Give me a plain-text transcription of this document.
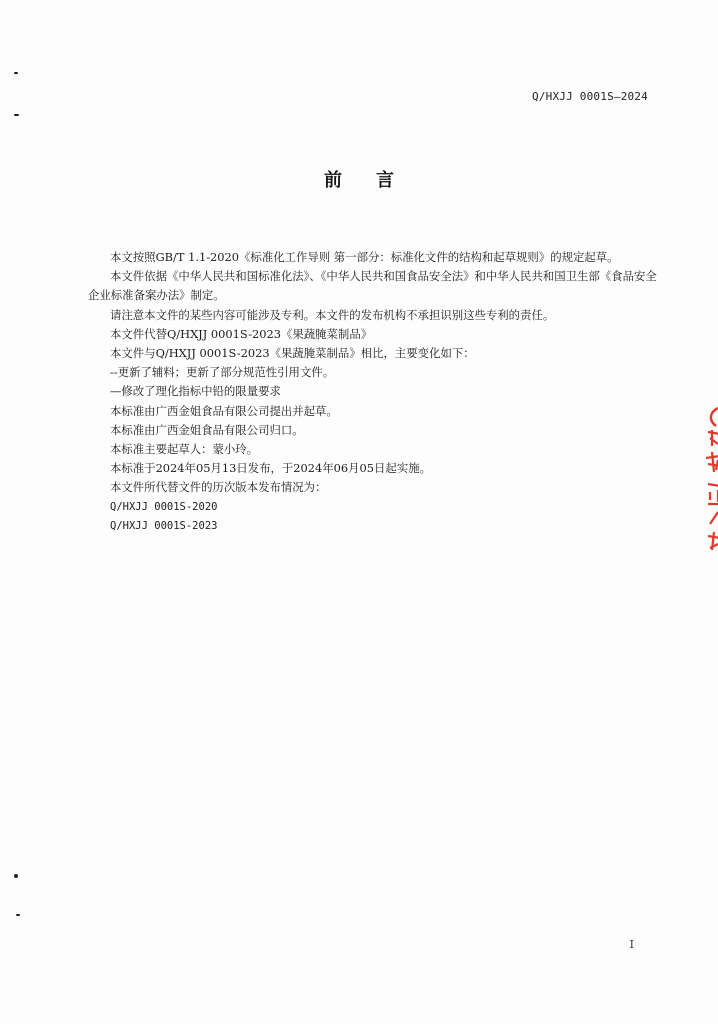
Q/HXJJ 0001S—2024
前言

本文按照GB/T 1.1-2020《标准化工作导则 第一部分：标准化文件的结构和起草规则》的规定起草。

本文件依据《中华人民共和国标准化法》、《中华人民共和国食品安全法》和中华人民共和国卫生部《食品安全企业标准备案办法》制定。

请注意本文件的某些内容可能涉及专利。本文件的发布机构不承担识别这些专利的责任。

本文件代替Q/HXJJ 0001S-2023《果蔬腌菜制品》

本文件与Q/HXJJ 0001S-2023《果蔬腌菜制品》相比，主要变化如下：

--更新了辅料；更新了部分规范性引用文件。

—修改了理化指标中铅的限量要求

本标准由广西金姐食品有限公司提出并起草。

本标准由广西金姐食品有限公司归口。

本标准主要起草人：蒙小玲。

本标准于2024年05月13日发布，于2024年06月05日起实施。

本文件所代替文件的历次版本发布情况为：

Q/HXJJ 0001S-2020

Q/HXJJ 0001S-2023

I
